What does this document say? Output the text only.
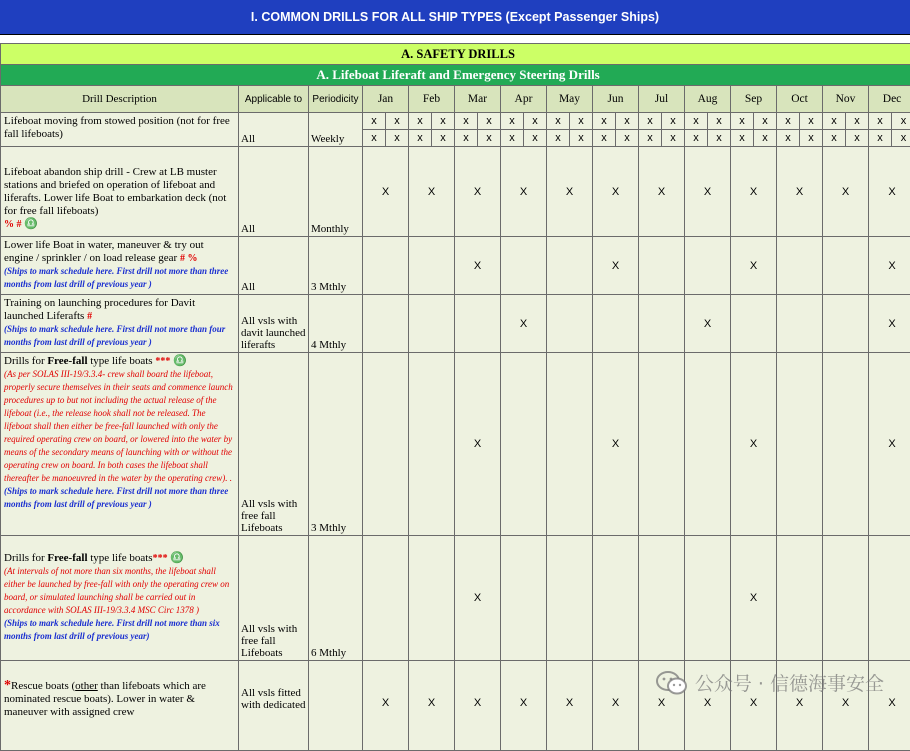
I. COMMON DRILLS FOR ALL SHIP TYPES (Except Passenger Ships)
A. SAFETY DRILLS																										
A. Lifeboat Liferaft and Emergency Steering Drills																										
Drill Description	Applicable to	Periodicity	Jan		Feb		Mar		Apr		May		Jun		Jul		Aug		Sep		Oct		Nov		Dec	
Lifeboat moving from stowed position (not for free fall lifeboats)	All	Weekly	x	x	x	x	x	x	x	x	x	x	x	x	x	x	x	x	x	x	x	x	x	x	x	x
			x	x	x	x	x	x	x	x	x	x	x	x	x	x	x	x	x	x	x	x	x	x	x	x
Lifeboat abandon ship drill - Crew at LB muster stations and briefed on operation of lifeboat and liferafts. Lower life Boat to embarkation deck (not for free fall lifeboats)
% # ♎	All	Monthly	X		X		X		X		X		X		X		X		X		X		X		X	
Lower life Boat in water, maneuver & try out engine / sprinkler / on load release gear # %
(Ships to mark schedule here. First drill not more than three months from last drill of previous year )	All	3 Mthly					X						X						X						X	
Training on launching procedures for Davit launched Liferafts #
(Ships to mark schedule here. First drill not more than four months from last drill of previous year )	All vsls with davit launched liferafts	4 Mthly							X								X								X	
Drills for Free-fall type life boats *** ♎
(As per SOLAS III-19/3.3.4- crew shall board the lifeboat, properly secure themselves in their seats and commence launch procedures up to but not including the actual release of the lifeboat (i.e., the release hook shall not be released. The lifeboat shall then either be free-fall launched with only the required operating crew on board, or lowered into the water by means of the secondary means of launching with or without the operating crew on board. In both cases the lifeboat shall thereafter be manoeuvred in the water by the operating crew). .
(Ships to mark schedule here. First drill not more than three months from last drill of previous year )	All vsls with free fall Lifeboats	3 Mthly					X						X						X						X	
Drills for Free-fall type life boats*** ♎
(At intervals of not more than six months, the lifeboat shall either be launched by free-fall with only the operating crew on board, or simulated launching shall be carried out in accordance with SOLAS III-19/3.3.4 MSC Circ 1378 )
(Ships to mark schedule here. First drill not more than six months from last drill of previous year)	All vsls with free fall Lifeboats	6 Mthly					X												X							
*Rescue boats (other than lifeboats which are nominated rescue boats). Lower in water & maneuver with assigned crew	All vsls fitted with dedicated		X		X		X		X		X		X		X		X		X		X		X		X	
公众号 · 信德海事安全
